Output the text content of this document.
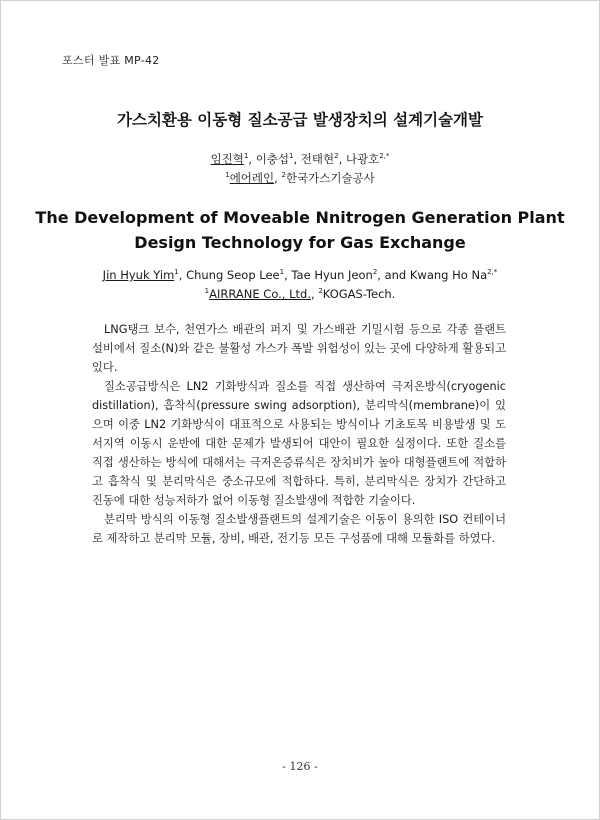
포스터 발표 MP-42
가스치환용 이동형 질소공급 발생장치의 설계기술개발
임진혁$^1$, 이충섭$^1$, 전태현$^2$, 나광호$^{2,*}$
$^1$에어레인, $^2$한국가스기술공사
The Development of Moveable Nnitrogen Generation Plant
Design Technology for Gas Exchange
Jin Hyuk Yim$^1$, Chung Seop Lee$^1$, Tae Hyun Jeon$^2$, and Kwang Ho $Na^{2,*}$
$^1$AIRRANE Co., Ltd., $^2$KOGAS-Tech.

LNG탱크 보수, 천연가스 배관의 퍼지 및 가스배관 기밀시험 등으로 각종 플랜트 설비에서 질소(N)와 같은 불활성 가스가 폭발 위험성이 있는 곳에 다양하게 활용되고 있다.

질소공급방식은 LN2 기화방식과 질소를 직접 생산하여 극저온방식(cryogenic distillation), 흡착식(pressure swing adsorption), 분리막식(membrane)이 있으며 이중 LN2 기화방식이 대표적으로 사용되는 방식이나 기초토목 비용발생 및 도서지역 이동시 운반에 대한 문제가 발생되어 대안이 필요한 실정이다. 또한 질소를 직접 생산하는 방식에 대해서는 극저온증류식은 장치비가 높아 대형플랜트에 적합하고 흡착식 및 분리막식은 중소규모에 적합하다. 특히, 분리막식은 장치가 간단하고 진동에 대한 성능저하가 없어 이동형 질소발생에 적합한 기술이다.

분리막 방식의 이동형 질소발생플랜트의 설계기술은 이동이 용의한 ISO 컨테이너로 제작하고 분리막 모듈, 장비, 배관, 전기등 모든 구성품에 대해 모듈화를 하였다.

- 126 -
